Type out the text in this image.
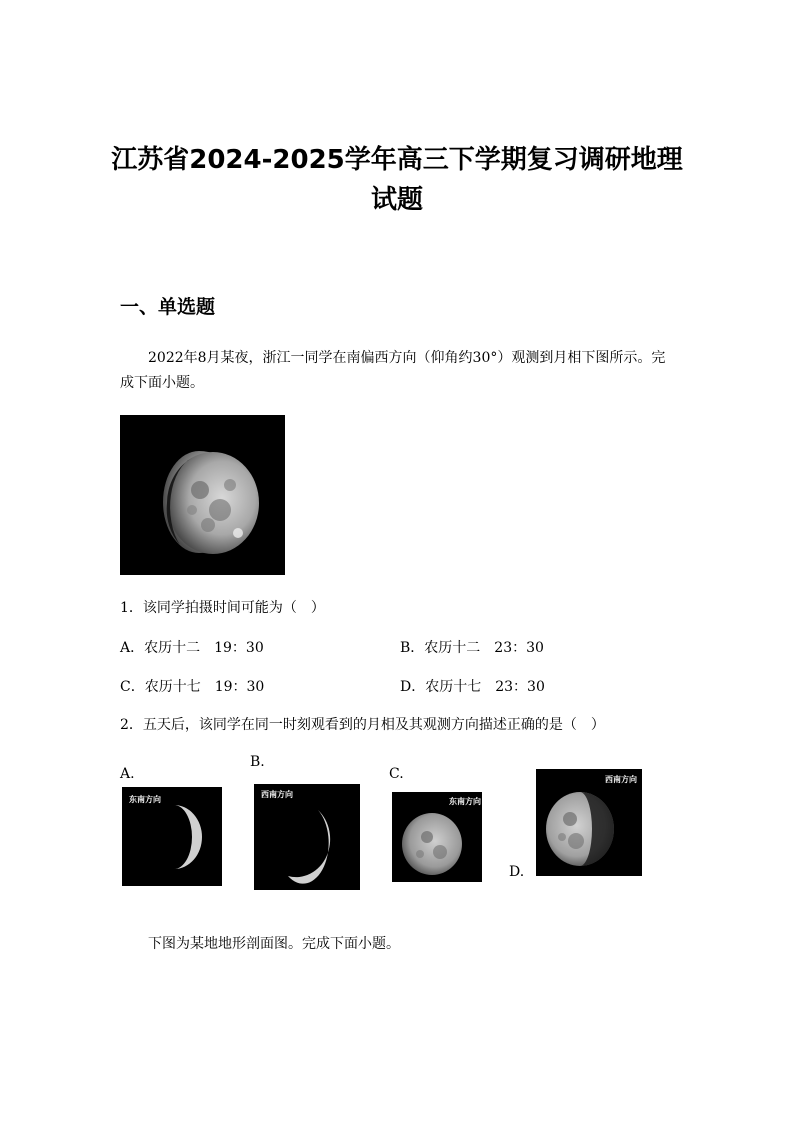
江苏省2024-2025学年高三下学期复习调研地理试题
一、单选题
2022年8月某夜，浙江一同学在南偏西方向（仰角约30°）观测到月相下图所示。完成下面小题。
1．该同学拍摄时间可能为（　）
A．农历十二　19：30	B．农历十二　23：30
C．农历十七　19：30	D．农历十七　23：30
2．五天后，该同学在同一时刻观看到的月相及其观测方向描述正确的是（　）
A.
东南方向
B.
西南方向
C.
东南方向
D.
西南方向
下图为某地地形剖面图。完成下面小题。
